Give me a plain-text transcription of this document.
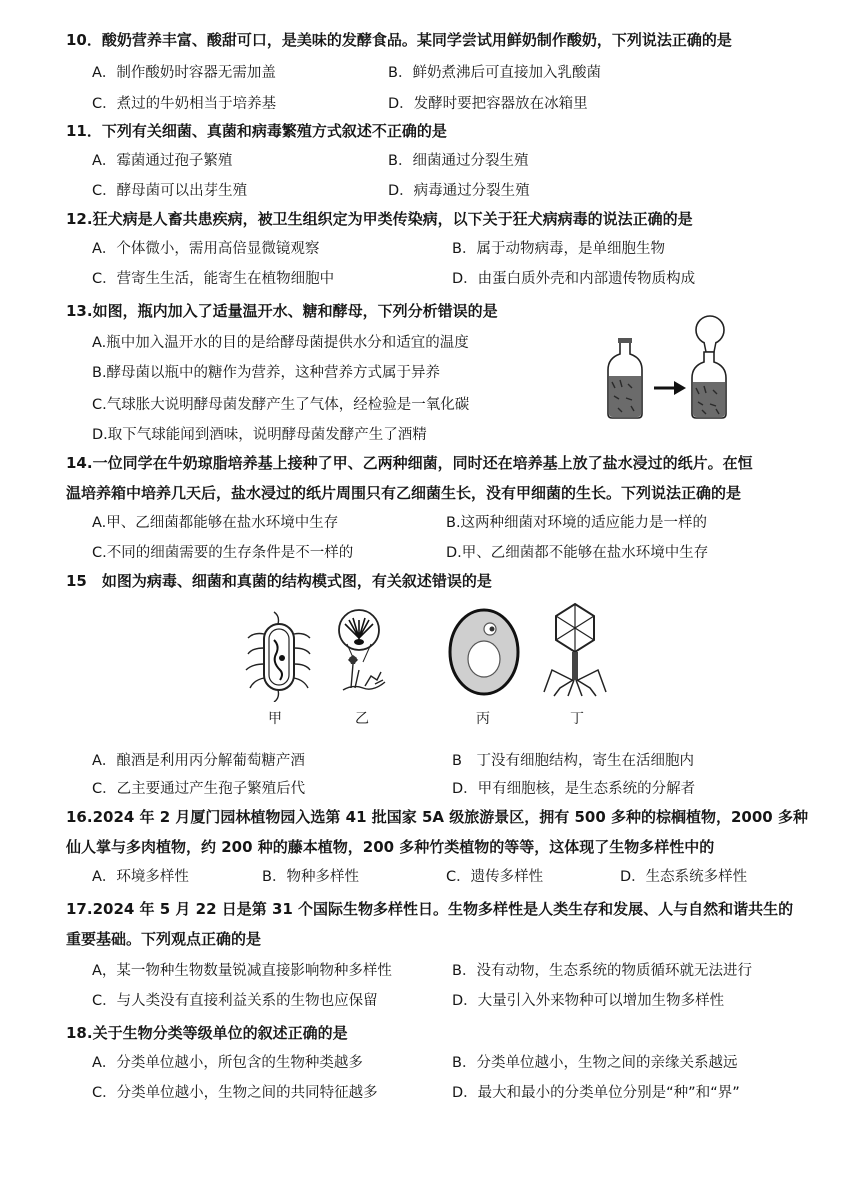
10．酸奶营养丰富、酸甜可口，是美味的发酵食品。某同学尝试用鲜奶制作酸奶，下列说法正确的是
A．制作酸奶时容器无需加盖	B．鲜奶煮沸后可直接加入乳酸菌
C．煮过的牛奶相当于培养基	D．发酵时要把容器放在冰箱里
11．下列有关细菌、真菌和病毒繁殖方式叙述不正确的是
A．霉菌通过孢子繁殖	B．细菌通过分裂生殖
C．酵母菌可以出芽生殖	D．病毒通过分裂生殖
12.狂犬病是人畜共患疾病，被卫生组织定为甲类传染病，以下关于狂犬病病毒的说法正确的是
A．个体微小，需用高倍显微镜观察	B．属于动物病毒，是单细胞生物
C．营寄生生活，能寄生在植物细胞中	D．由蛋白质外壳和内部遗传物质构成
13.如图，瓶内加入了适量温开水、糖和酵母，下列分析错误的是
A.瓶中加入温开水的目的是给酵母菌提供水分和适宜的温度
B.酵母菌以瓶中的糖作为营养，这种营养方式属于异养
C.气球胀大说明酵母菌发酵产生了气体，经检验是一氧化碳
D.取下气球能闻到酒味，说明酵母菌发酵产生了酒精
14.一位同学在牛奶琼脂培养基上接种了甲、乙两种细菌，同时还在培养基上放了盐水浸过的纸片。在恒
温培养箱中培养几天后，盐水浸过的纸片周围只有乙细菌生长，没有甲细菌的生长。下列说法正确的是
A.甲、乙细菌都能够在盐水环境中生存	B.这两种细菌对环境的适应能力是一样的
C.不同的细菌需要的生存条件是不一样的	D.甲、乙细菌都不能够在盐水环境中生存
15　如图为病毒、细菌和真菌的结构模式图，有关叙述错误的是
甲	乙	丙	丁
A．酿酒是利用丙分解葡萄糖产酒	B　丁没有细胞结构，寄生在活细胞内
C．乙主要通过产生孢子繁殖后代	D．甲有细胞核，是生态系统的分解者
16.2024 年 2 月厦门园林植物园入选第 41 批国家 5A 级旅游景区，拥有 500 多种的棕榈植物，2000 多种
仙人掌与多肉植物，约 200 种的藤本植物，200 多种竹类植物的等等，这体现了生物多样性中的
A．环境多样性	B．物种多样性	C．遗传多样性	D．生态系统多样性
17.2024 年 5 月 22 日是第 31 个国际生物多样性日。生物多样性是人类生存和发展、人与自然和谐共生的
重要基础。下列观点正确的是
A，某一物种生物数量锐减直接影响物种多样性	B．没有动物，生态系统的物质循环就无法进行
C．与人类没有直接利益关系的生物也应保留	D．大量引入外来物种可以增加生物多样性
18.关于生物分类等级单位的叙述正确的是
A．分类单位越小，所包含的生物种类越多	B．分类单位越小，生物之间的亲缘关系越远
C．分类单位越小，生物之间的共同特征越多	D．最大和最小的分类单位分别是“种”和“界”
